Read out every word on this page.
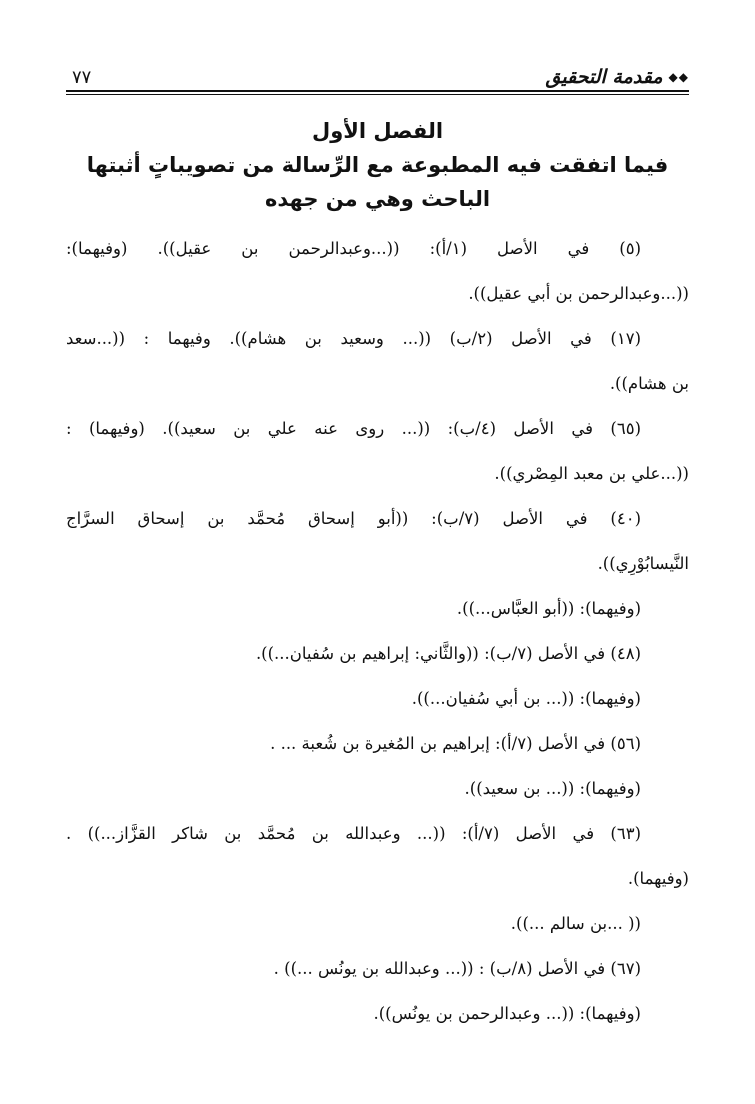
◆◆
مقدمة التحقيق
٧٧
الفصل الأول
فيما اتفقت فيه المطبوعة مع الرِّسالة من تصويباتٍ أثبتها
الباحث وهي من جهده
(٥) في الأصل (١/أ): ((...وعبدالرحمن بن عقيل)). (وفيهما):
((...وعبدالرحمن بن أبي عقيل)).
(١٧) في الأصل (٢/ب) ((... وسعيد بن هشام)). وفيهما : ((...سعد
بن هشام)).
(٦٥) في الأصل (٤/ب): ((... روى عنه علي بن سعيد)). (وفيهما) :
((...علي بن معبد المِصْري)).
(٤٠) في الأصل (٧/ب): ((أبو إسحاق مُحمَّد بن إسحاق السرَّاج
النَّيسابُوْرِي)).
(وفيهما): ((أبو العبَّاس...)).
(٤٨) في الأصل (٧/ب): ((والثَّاني: إبراهيم بن سُفيان...)).
(وفيهما): ((... بن أبي سُفيان...)).
(٥٦) في الأصل (٧/أ): إبراهيم بن المُغيرة بن شُعبة ... .
(وفيهما): ((... بن سعيد)).
(٦٣) في الأصل (٧/أ): ((... وعبدالله بن مُحمَّد بن شاكر القزَّاز...)) .
(وفيهما).
(( ...بن سالم ...)).
(٦٧) في الأصل (٨/ب) : ((... وعبدالله بن يونُس ...)) .
(وفيهما): ((... وعبدالرحمن بن يونُس)).
